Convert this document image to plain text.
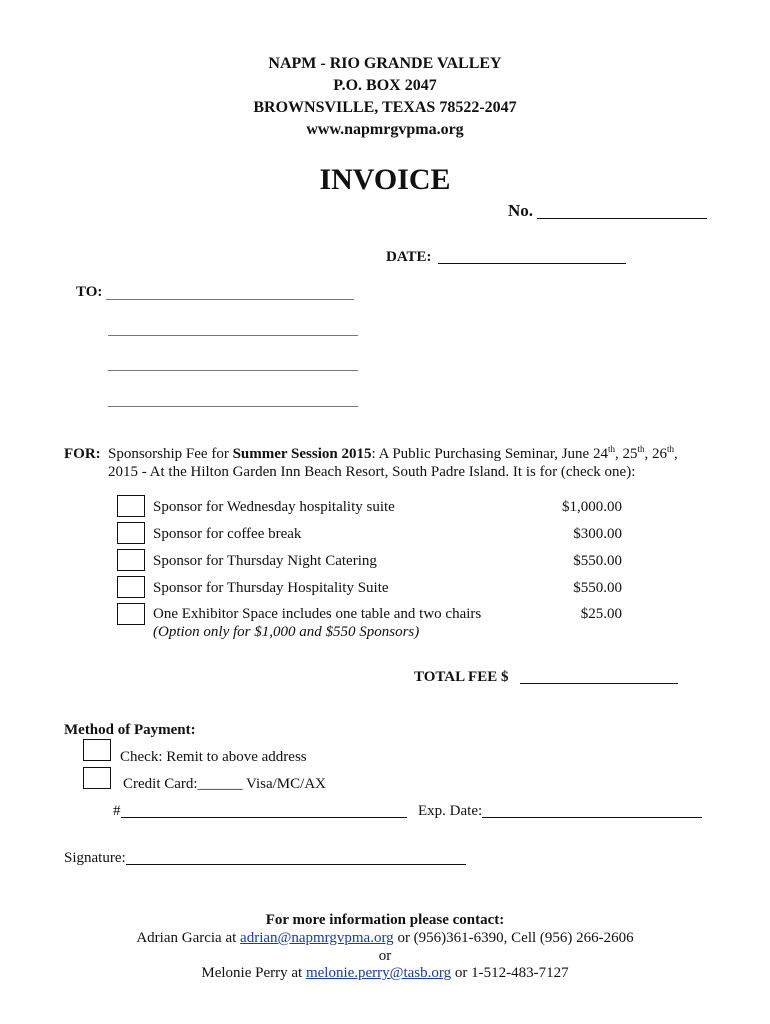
NAPM - RIO GRANDE VALLEY
P.O. BOX 2047
BROWNSVILLE, TEXAS 78522-2047
www.napmrgvpma.org
INVOICE
No.
DATE:
TO:
FOR: Sponsorship Fee for Summer Session 2015: A Public Purchasing Seminar, June 24th, 25th, 26th,
2015 - At the Hilton Garden Inn Beach Resort, South Padre Island. It is for (check one):
Sponsor for Wednesday hospitality suite	$1,000.00
Sponsor for coffee break	$300.00
Sponsor for Thursday Night Catering	$550.00
Sponsor for Thursday Hospitality Suite	$550.00
One Exhibitor Space includes one table and two chairs	$25.00
(Option only for $1,000 and $550 Sponsors)
TOTAL FEE $
Method of Payment:
Check: Remit to above address
Credit Card:______ Visa/MC/AX
#	Exp. Date:
Signature:
For more information please contact:
Adrian Garcia at adrian@napmrgvpma.org or (956)361-6390, Cell (956) 266-2606
or
Melonie Perry at melonie.perry@tasb.org or 1-512-483-7127
